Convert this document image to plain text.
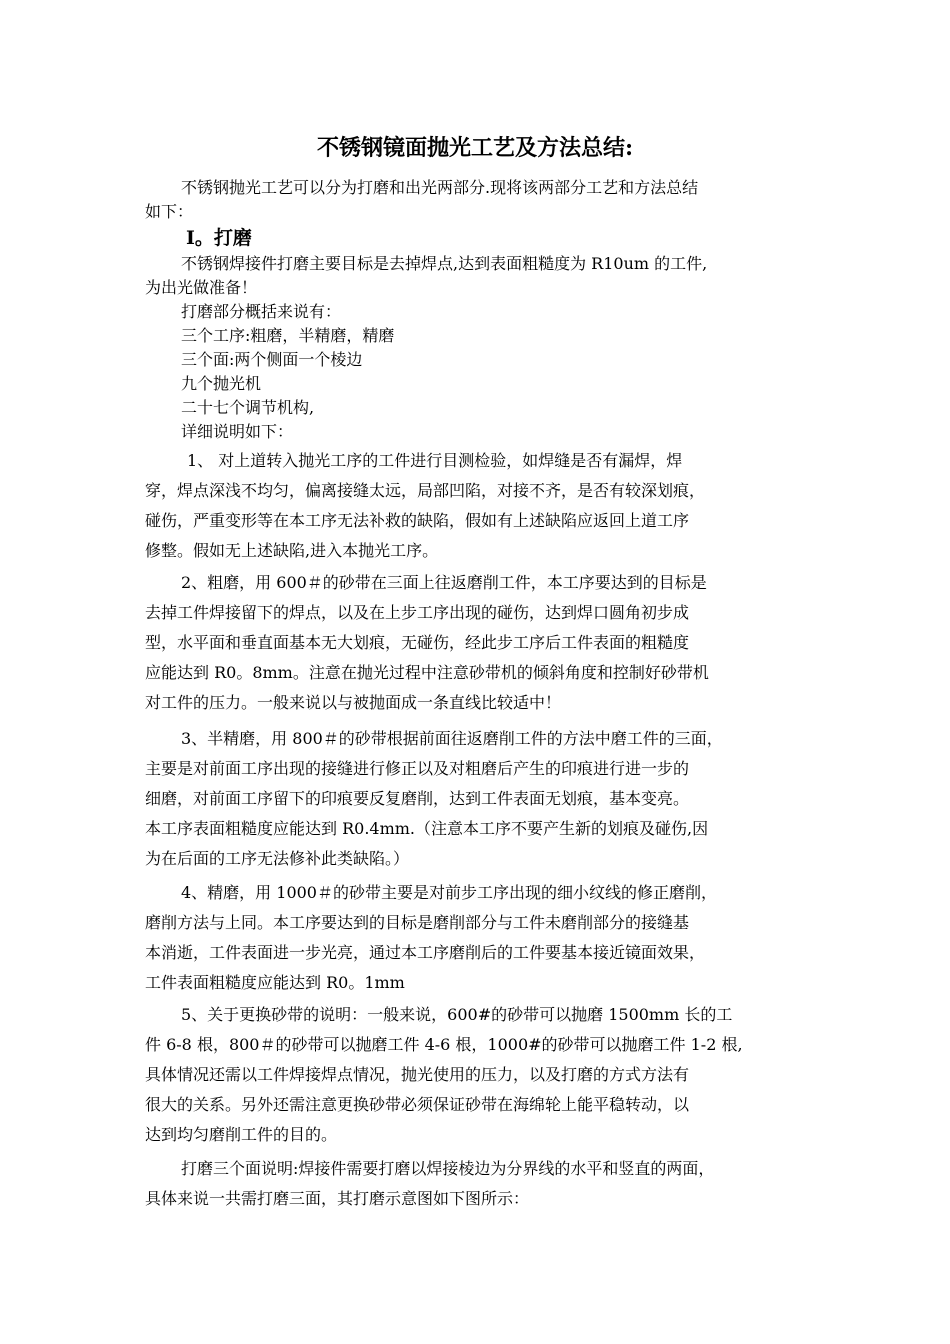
不锈钢镜面抛光工艺及方法总结:
不锈钢抛光工艺可以分为打磨和出光两部分.现将该两部分工艺和方法总结
如下：
Ⅰ。打磨
不锈钢焊接件打磨主要目标是去掉焊点,达到表面粗糙度为 R10um 的工件,
为出光做准备！
打磨部分概括来说有：
三个工序:粗磨，半精磨，精磨
三个面:两个侧面一个棱边
九个抛光机
二十七个调节机构,
详细说明如下：
1、 对上道转入抛光工序的工件进行目测检验，如焊缝是否有漏焊，焊
穿，焊点深浅不均匀，偏离接缝太远，局部凹陷，对接不齐，是否有较深划痕，
碰伤，严重变形等在本工序无法补救的缺陷，假如有上述缺陷应返回上道工序
修整。假如无上述缺陷,进入本抛光工序。
2、粗磨，用 600＃的砂带在三面上往返磨削工件，本工序要达到的目标是
去掉工件焊接留下的焊点，以及在上步工序出现的碰伤，达到焊口圆角初步成
型，水平面和垂直面基本无大划痕，无碰伤，经此步工序后工件表面的粗糙度
应能达到 R0。8mm。注意在抛光过程中注意砂带机的倾斜角度和控制好砂带机
对工件的压力。一般来说以与被抛面成一条直线比较适中！
3、半精磨，用 800＃的砂带根据前面往返磨削工件的方法中磨工件的三面，
主要是对前面工序出现的接缝进行修正以及对粗磨后产生的印痕进行进一步的
细磨，对前面工序留下的印痕要反复磨削，达到工件表面无划痕，基本变亮。
本工序表面粗糙度应能达到 R0.4mm.（注意本工序不要产生新的划痕及碰伤,因
为在后面的工序无法修补此类缺陷。）
4、精磨，用 1000＃的砂带主要是对前步工序出现的细小纹线的修正磨削，
磨削方法与上同。本工序要达到的目标是磨削部分与工件未磨削部分的接缝基
本消逝，工件表面进一步光亮，通过本工序磨削后的工件要基本接近镜面效果，
工件表面粗糙度应能达到 R0。1mm
5、关于更换砂带的说明：一般来说，600#的砂带可以抛磨 1500mm 长的工
件 6-8 根，800＃的砂带可以抛磨工件 4-6 根，1000#的砂带可以抛磨工件 1-2 根,
具体情况还需以工件焊接焊点情况，抛光使用的压力，以及打磨的方式方法有
很大的关系。另外还需注意更换砂带必须保证砂带在海绵轮上能平稳转动，以
达到均匀磨削工件的目的。
打磨三个面说明:焊接件需要打磨以焊接棱边为分界线的水平和竖直的两面，
具体来说一共需打磨三面，其打磨示意图如下图所示：
